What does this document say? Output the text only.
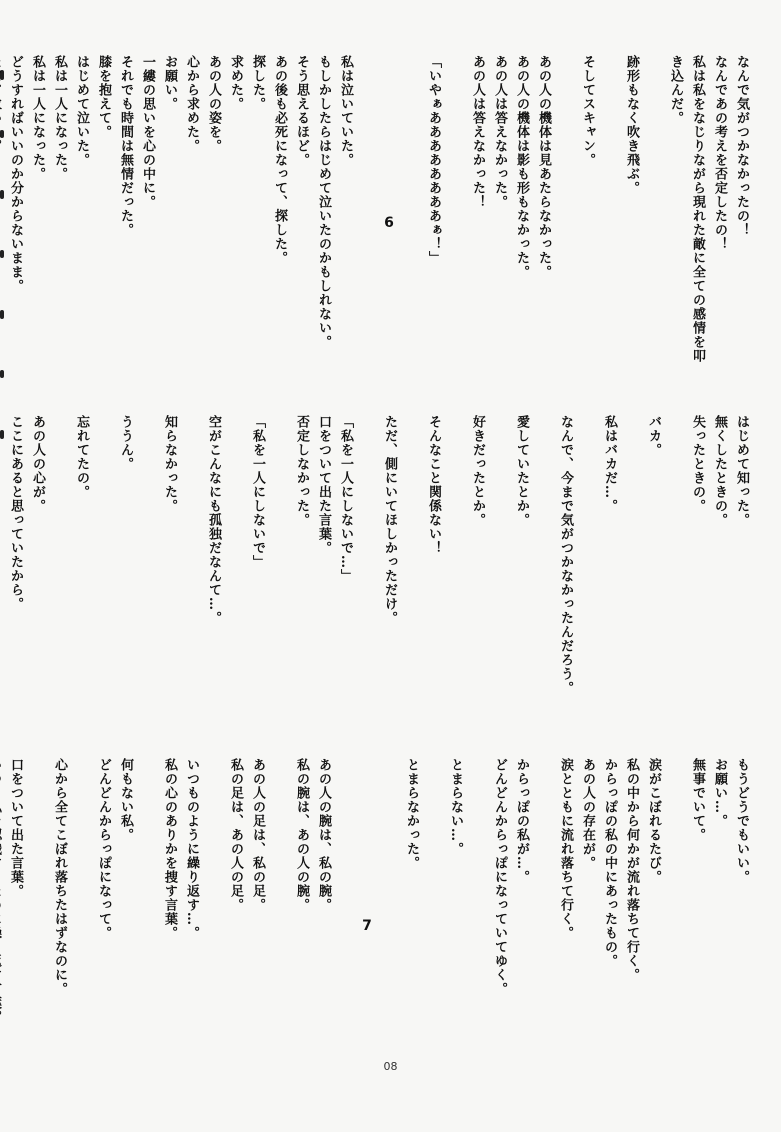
なんで気がつかなかったの！
なんであの考えを否定したの！
私は私をなじりながら現れた敵に全ての感情を叩
き込んだ。
跡形もなく吹き飛ぶ。
そしてスキャン。
あの人の機体は見あたらなかった。
あの人の機体は影も形もなかった。
あの人は答えなかった。
あの人は答えなかった！
「いやぁああああああああぁ！」
6
私は泣いていた。
もしかしたらはじめて泣いたのかもしれない。
そう思えるほど。
あの後も必死になって、探した。
探した。
求めた。
あの人の姿を。
心から求めた。
お願い。
一縷の思いを心の中に。
それでも時間は無情だった。
膝を抱えて。
はじめて泣いた。
私は一人になった。
私は一人になった。
どうすればいいのか分からないまま。
はじめて知った。
無くしたときの。
失ったときの。
バカ。
私はバカだ…。
なんで、今まで気がつかなかったんだろう。
愛していたとか。
好きだったとか。
そんなこと関係ない！
ただ、側にいてほしかっただけ。
「私を一人にしないで…」
口をついて出た言葉。
否定しなかった。
「私を一人にしないで」
空がこんなにも孤独だなんて…。
知らなかった。
ううん。
忘れてたの。
あの人の心が。
ここにあると思っていたから。
もうどうでもいい。
お願い…。
無事でいて。
涙がこぼれるたび。
私の中から何かが流れ落ちて行く。
からっぽの私の中にあったもの。
あの人の存在が。
涙とともに流れ落ちて行く。
からっぽの私が…。
どんどんからっぽになっていてゆく。
とまらない…。
とまらなかった。
7
あの人の腕は、私の腕。
私の腕は、あの人の腕。
あの人の足は、私の足。
私の足は、あの人の足。
いつものように繰り返す…。
私の心のありかを捜す言葉。
何もない私。
どんどんからっぽになって。
心から全てこぼれ落ちたはずなのに。
口をついて出た言葉。
08
